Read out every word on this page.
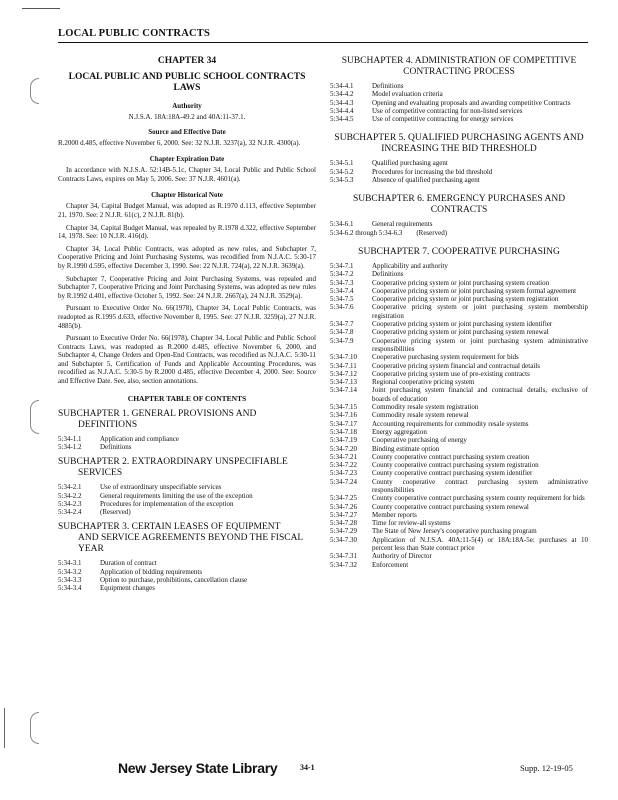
LOCAL PUBLIC CONTRACTS
CHAPTER 34
LOCAL PUBLIC AND PUBLIC SCHOOL CONTRACTS LAWS
Authority
N.J.S.A. 18A:18A-49.2 and 40A:11-37.1.
Source and Effective Date
R.2000 d.485, effective November 6, 2000. See: 32 N.J.R. 3237(a), 32 N.J.R. 4300(a).
Chapter Expiration Date
In accordance with N.J.S.A. 52:14B-5.1c, Chapter 34, Local Public and Public School Contracts Laws, expires on May 5, 2006. See: 37 N.J.R. 4601(a).
Chapter Historical Note

Chapter 34, Capital Budget Manual, was adopted as R.1970 d.113, effective September 21, 1970. See: 2 N.J.R. 61(c), 2 N.J.R. 81(b).

Chapter 34, Capital Budget Manual, was repealed by R.1978 d.322, effective September 14, 1978. See: 10 N.J.R. 416(d).

Chapter 34, Local Public Contracts, was adopted as new rules, and Subchapter 7, Cooperative Pricing and Joint Purchasing Systems, was recodified from N.J.A.C. 5:30-17 by R.1990 d.595, effective December 3, 1990. See: 22 N.J.R. 724(a), 22 N.J.R. 3639(a).

Subchapter 7, Cooperative Pricing and Joint Purchasing Systems, was repealed and Subchapter 7, Cooperative Pricing and Joint Purchasing Systems, was adopted as new rules by R.1992 d.401, effective October 5, 1992. See: 24 N.J.R. 2667(a), 24 N.J.R. 3529(a).

Pursuant to Executive Order No. 66(1978), Chapter 34, Local Public Contracts, was readopted as R.1995 d.633, effective November 8, 1995. See: 27 N.J.R. 3259(a), 27 N.J.R. 4885(b).

Pursuant to Executive Order No. 66(1978), Chapter 34, Local Public and Public School Contracts Laws, was readopted as R.2000 d.485, effective November 6, 2000, and Subchapter 4, Change Orders and Open-End Contracts, was recodified as N.J.A.C. 5:30-11 and Subchapter 5, Certification of Funds and Applicable Accounting Procedures, was recodified as N.J.A.C. 5:30-5 by R.2000 d.485, effective December 4, 2000. See: Source and Effective Date. See, also, section annotations.

CHAPTER TABLE OF CONTENTS
SUBCHAPTER 1. GENERAL PROVISIONS AND
DEFINITIONS
5:34-1.1	Application and compliance
5:34-1.2	Definitions
SUBCHAPTER 2. EXTRAORDINARY UNSPECIFIABLE
SERVICES
5:34-2.1	Use of extraordinary unspecifiable services
5:34-2.2	General requirements limiting the use of the exception
5:34-2.3	Procedures for implementation of the exception
5:34-2.4	(Reserved)
SUBCHAPTER 3. CERTAIN LEASES OF EQUIPMENT
AND SERVICE AGREEMENTS BEYOND THE FISCAL YEAR
5:34-3.1	Duration of contract
5:34-3.2	Application of bidding requirements
5:34-3.3	Option to purchase, prohibitions, cancellation clause
5:34-3.4	Equipment changes
SUBCHAPTER 4. ADMINISTRATION OF COMPETITIVE CONTRACTING PROCESS
5:34-4.1	Definitions
5:34-4.2	Model evaluation criteria
5:34-4.3	Opening and evaluating proposals and awarding competitive Contracts
5:34-4.4	Use of competitive contracting for non-listed services
5:34-4.5	Use of competitive contracting for energy services
SUBCHAPTER 5. QUALIFIED PURCHASING AGENTS AND INCREASING THE BID THRESHOLD
5:34-5.1	Qualified purchasing agent
5:34-5.2	Procedures for increasing the bid threshold
5:34-5.3	Absence of qualified purchasing agent
SUBCHAPTER 6. EMERGENCY PURCHASES AND CONTRACTS
5:34-6.1	General requirements
5:34-6.2 through 5:34-6.3	(Reserved)
SUBCHAPTER 7. COOPERATIVE PURCHASING
5:34-7.1	Applicability and authority
5:34-7.2	Definitions
5:34-7.3	Cooperative pricing system or joint purchasing system creation
5:34-7.4	Cooperative pricing system or joint purchasing system formal agreement
5:34-7.5	Cooperative pricing system or joint purchasing system registration
5:34-7.6	Cooperative pricing system or joint purchasing system membership registration
5:34-7.7	Cooperative pricing system or joint purchasing system identifier
5:34-7.8	Cooperative pricing system or joint purchasing system renewal
5:34-7.9	Cooperative pricing system or joint purchasing system administrative responsibilities
5:34-7.10	Cooperative purchasing system requirement for bids
5:34-7.11	Cooperative pricing system financial and contractual details
5:34-7.12	Cooperative pricing system use of pre-existing contracts
5:34-7.13	Regional cooperative pricing system
5:34-7.14	Joint purchasing system financial and contractual details, exclusive of boards of education
5:34-7.15	Commodity resale system registration
5:34-7.16	Commodity resale system renewal
5:34-7.17	Accounting requirements for commodity resale systems
5:34-7.18	Energy aggregation
5:34-7.19	Cooperative purchasing of energy
5:34-7.20	Binding estimate option
5:34-7.21	County cooperative contract purchasing system creation
5:34-7.22	County cooperative contract purchasing system registration
5:34-7.23	County cooperative contract purchasing system identifier
5:34-7.24	County cooperative contract purchasing system administrative responsibilities
5:34-7.25	County cooperative contract purchasing system county requirement for bids
5:34-7.26	County cooperative contract purchasing system renewal
5:34-7.27	Member reports
5:34-7.28	Time for review-all systems
5:34-7.29	The State of New Jersey's cooperative purchasing program
5:34-7.30	Application of N.J.S.A. 40A:11-5(4) or 18A:18A-5e: purchases at 10 percent less than State contract price
5:34-7.31	Authority of Director
5:34-7.32	Enforcement
New Jersey State Library	34-1	Supp. 12-19-05
